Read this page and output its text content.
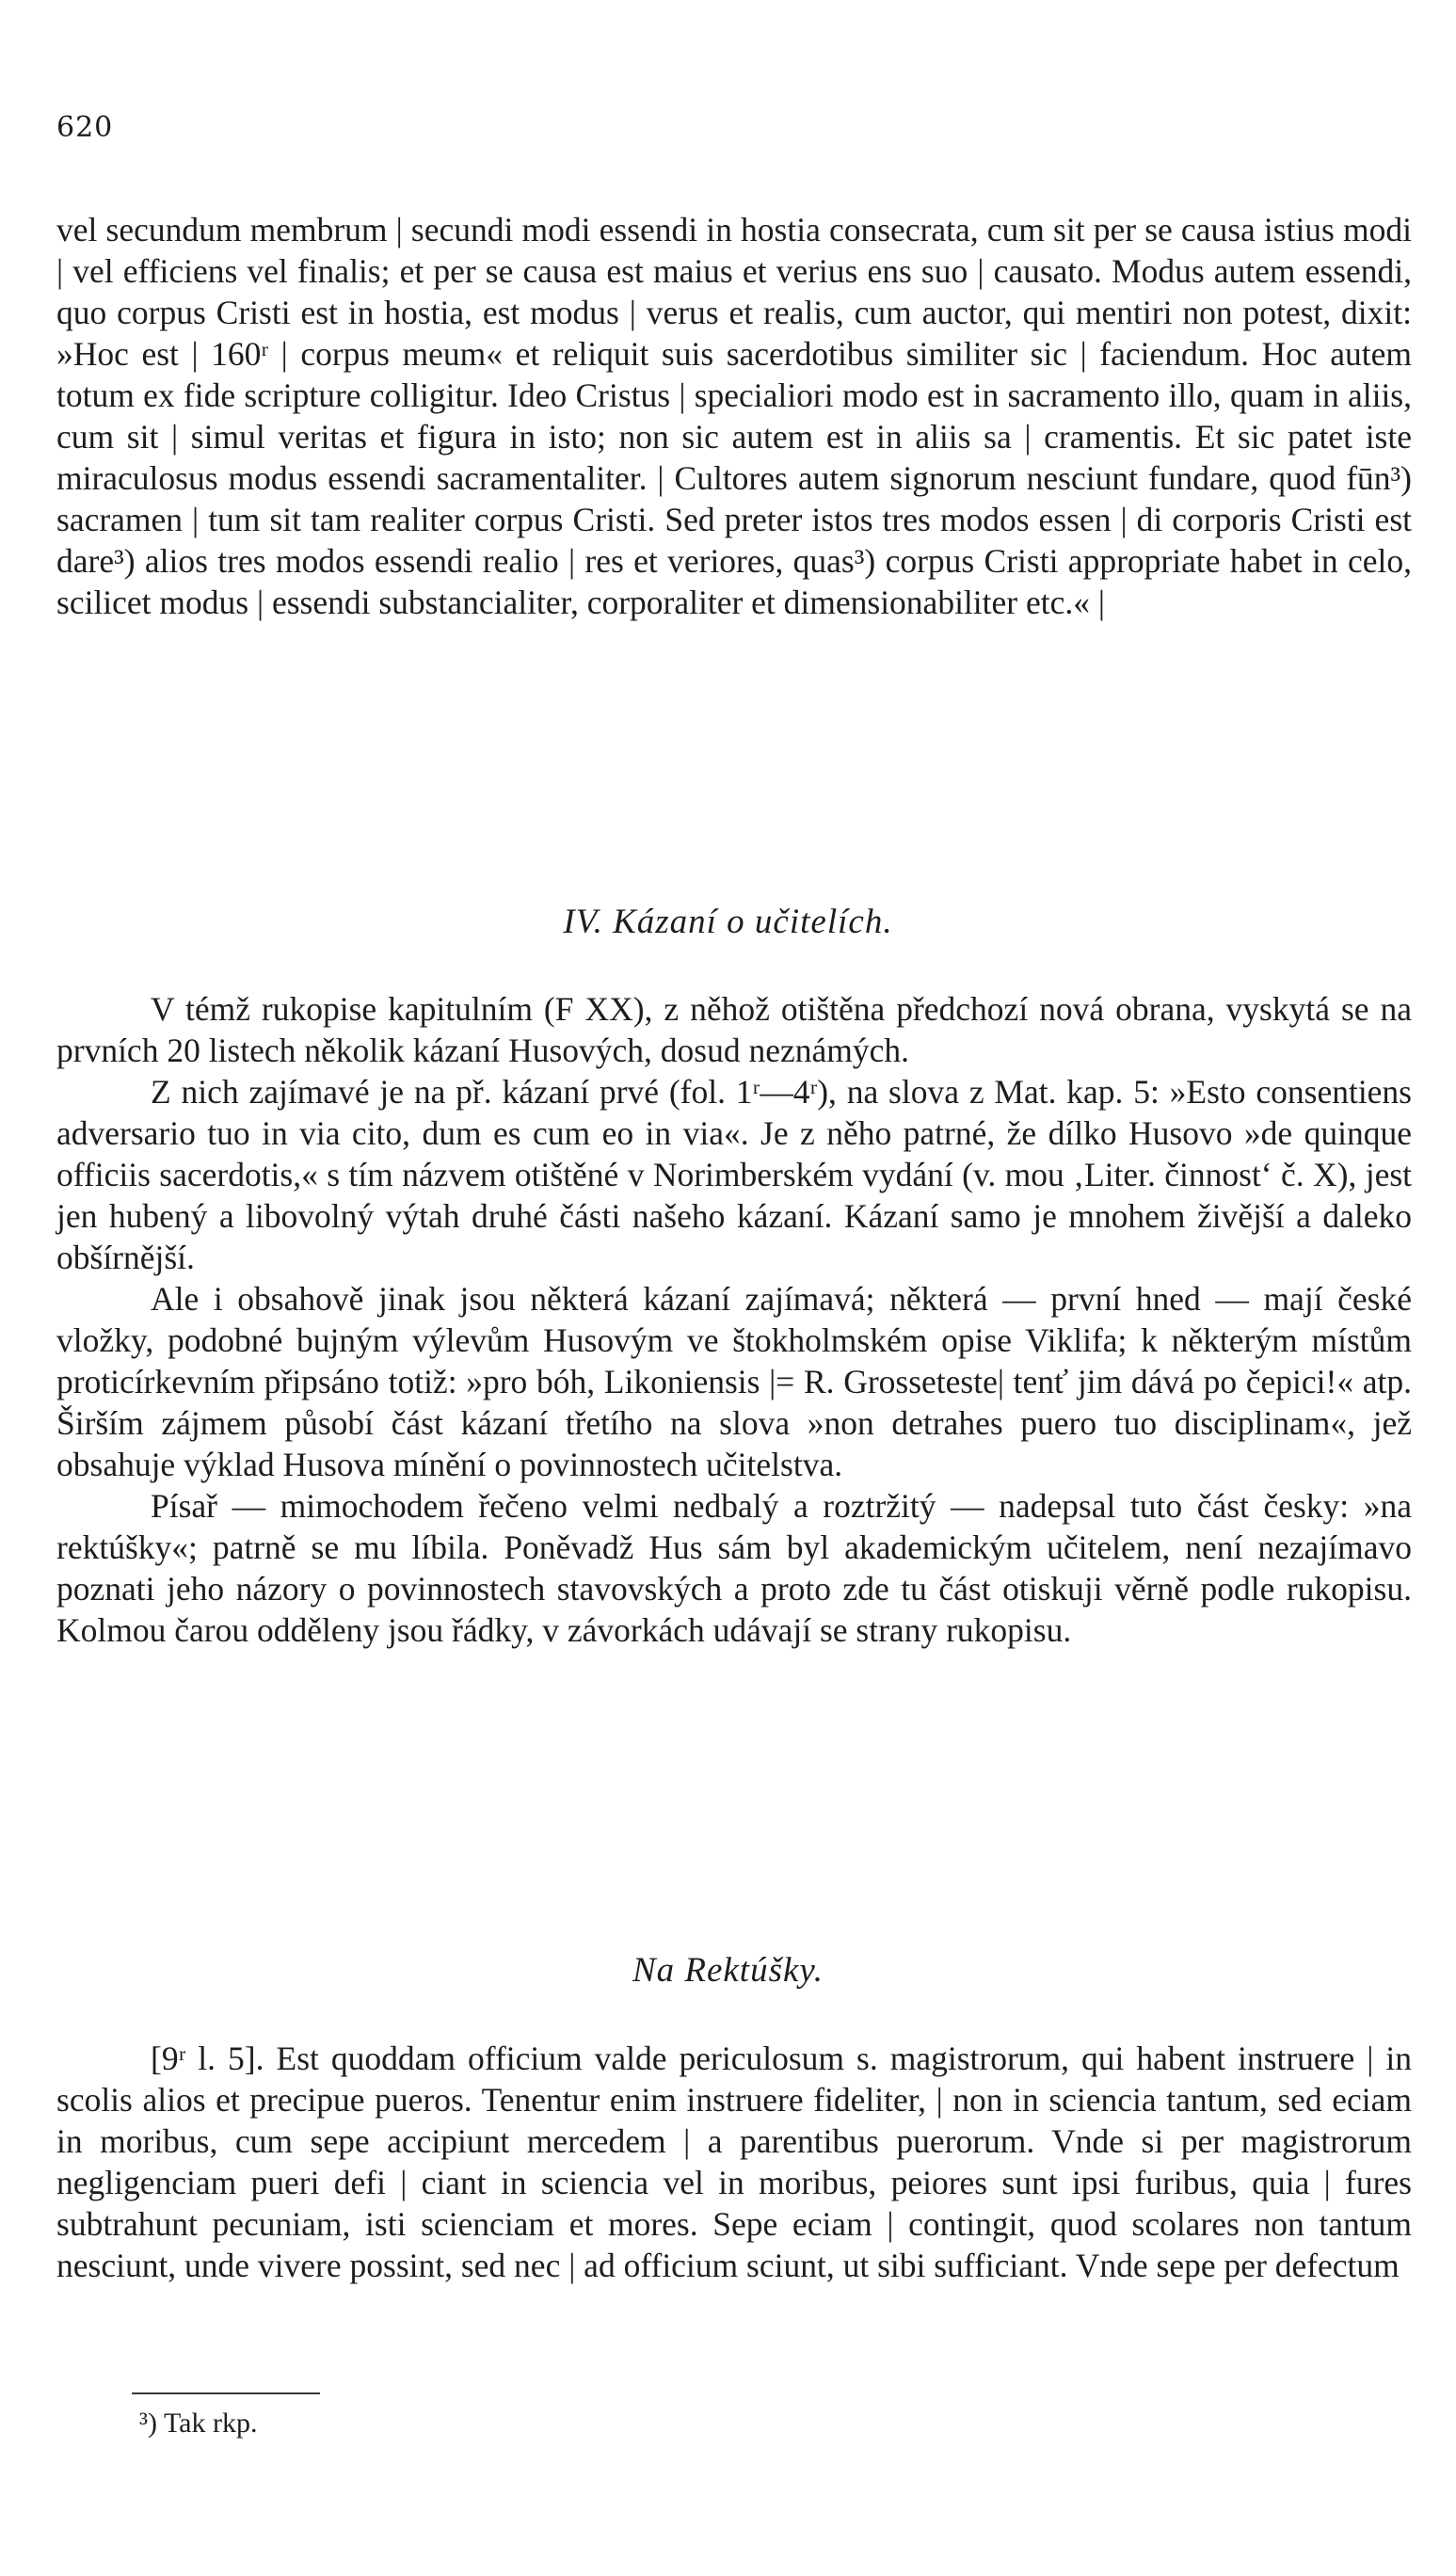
620

vel secundum membrum | secundi modi essendi in hostia consecrata, cum sit per se causa istius modi | vel efficiens vel finalis; et per se causa est maius et verius ens suo | causato. Modus autem essendi, quo corpus Cristi est in hostia, est modus | verus et realis, cum auctor, qui mentiri non potest, dixit: »Hoc est | 160ʳ | corpus meum« et reliquit suis sacerdotibus similiter sic | faciendum. Hoc autem totum ex fide scripture colligitur. Ideo Cristus | specialiori modo est in sacramento illo, quam in aliis, cum sit | simul veritas et figura in isto; non sic autem est in aliis sa | cramentis. Et sic patet iste miraculosus modus essendi sacramentaliter. | Cultores autem signorum nesciunt fundare, quod fūn³) sacramen | tum sit tam realiter corpus Cristi. Sed preter istos tres modos essen | di corporis Cristi est dare³) alios tres modos essendi realio | res et veriores, quas³) corpus Cristi appropriate habet in celo, scilicet modus | essendi substancialiter, corporaliter et dimensionabiliter etc.« |

IV. Kázaní o učitelích.

V témž rukopise kapitulním (F XX), z něhož otištěna předchozí nová obrana, vyskytá se na prvních 20 listech několik kázaní Husových, dosud neznámých.

Z nich zajímavé je na př. kázaní prvé (fol. 1ʳ—4ʳ), na slova z Mat. kap. 5: »Esto consentiens adversario tuo in via cito, dum es cum eo in via«. Je z něho patrné, že dílko Husovo »de quinque officiis sacerdotis,« s tím názvem otištěné v Norimberském vydání (v. mou ‚Liter. činnost‘ č. X), jest jen hubený a libovolný výtah druhé části našeho kázaní. Kázaní samo je mnohem živější a daleko obšírnější.

Ale i obsahově jinak jsou některá kázaní zajímavá; některá — první hned — mají české vložky, podobné bujným výlevům Husovým ve štokholmském opise Viklifa; k některým místům proticírkevním připsáno totiž: »pro bóh, Likoniensis |= R. Grosseteste| tenť jim dává po čepici!« atp. Širším zájmem působí část kázaní třetího na slova »non detrahes puero tuo disciplinam«, jež obsahuje výklad Husova mínění o povinnostech učitelstva.

Písař — mimochodem řečeno velmi nedbalý a roztržitý — nadepsal tuto část česky: »na rektúšky«; patrně se mu líbila. Poněvadž Hus sám byl akademickým učitelem, není nezajímavo poznati jeho názory o povinnostech stavovských a proto zde tu část otiskuji věrně podle rukopisu. Kolmou čarou odděleny jsou řádky, v závorkách udávají se strany rukopisu.

Na Rektúšky.

[9ʳ l. 5]. Est quoddam officium valde periculosum s. magistrorum, qui habent instruere | in scolis alios et precipue pueros. Tenentur enim instruere fideliter, | non in sciencia tantum, sed eciam in moribus, cum sepe accipiunt mercedem | a parentibus puerorum. Vnde si per magistrorum negligenciam pueri defi | ciant in sciencia vel in moribus, peiores sunt ipsi furibus, quia | fures subtrahunt pecuniam, isti scienciam et mores. Sepe eciam | contingit, quod scolares non tantum nesciunt, unde vivere possint, sed nec | ad officium sciunt, ut sibi sufficiant. Vnde sepe per defectum

³) Tak rkp.
